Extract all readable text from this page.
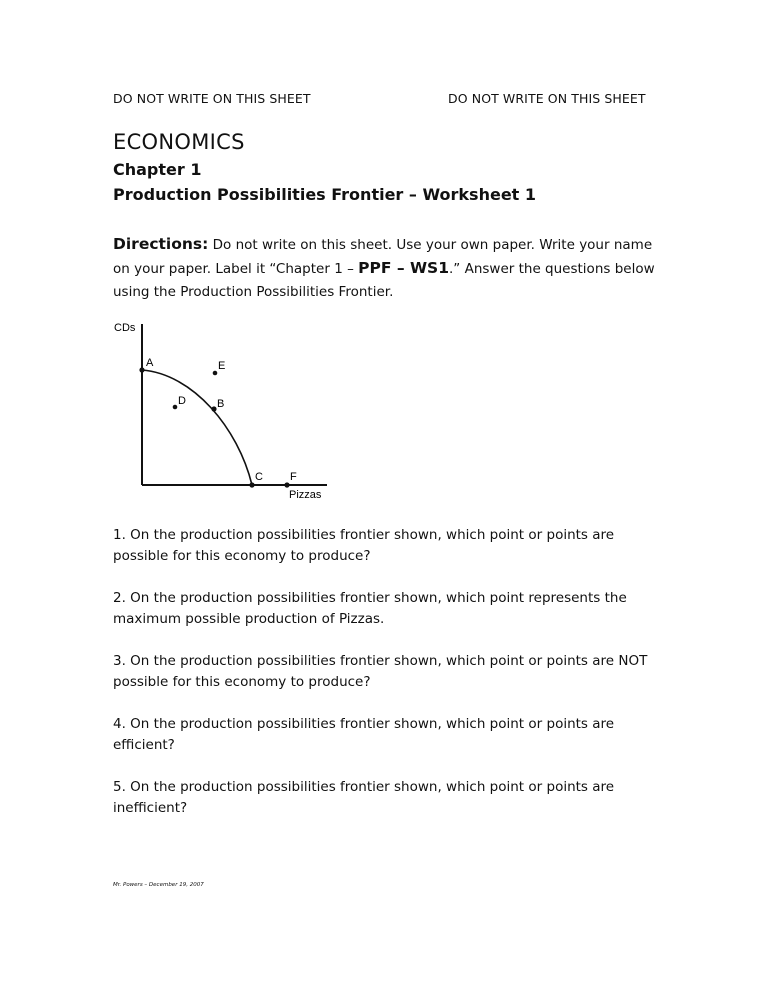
DO NOT WRITE ON THIS SHEET	DO NOT WRITE ON THIS SHEET
ECONOMICS
Chapter 1
Production Possibilities Frontier – Worksheet 1
Directions: Do not write on this sheet. Use your own paper. Write your name on your paper. Label it “Chapter 1 – PPF – WS1.” Answer the questions below using the Production Possibilities Frontier.
CDs
Pizzas
A	E
D	B
C F
1. On the production possibilities frontier shown, which point or points are possible for this economy to produce?
2. On the production possibilities frontier shown, which point represents the maximum possible production of Pizzas.
3. On the production possibilities frontier shown, which point or points are NOT possible for this economy to produce?
4. On the production possibilities frontier shown, which point or points are efficient?
5. On the production possibilities frontier shown, which point or points are inefficient?
Mr. Powers – December 19, 2007
